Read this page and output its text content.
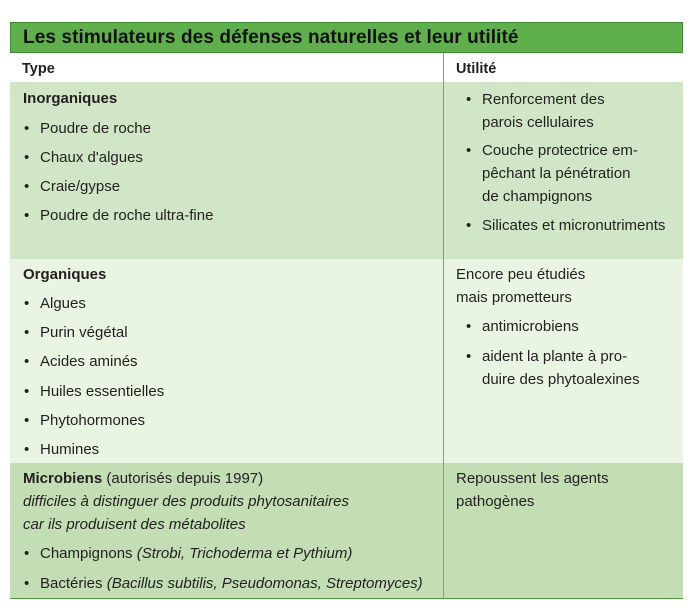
Les stimulateurs des défenses naturelles et leur utilité
Type	Utilité
Inorganiques
• Poudre de roche
• Chaux d'algues
• Craie/gypse
• Poudre de roche ultra-fine
• Renforcement des
parois cellulaires
• Couche protectrice em-
pêchant la pénétration
de champignons
• Silicates et micronutriments
Organiques
• Algues
• Purin végétal
• Acides aminés
• Huiles essentielles
• Phytohormones
• Humines
Encore peu étudiés
mais prometteurs
• antimicrobiens
• aident la plante à pro-
duire des phytoalexines
Microbiens (autorisés depuis 1997)
difficiles à distinguer des produits phytosanitaires
car ils produisent des métabolites
• Champignons (Strobi, Trichoderma et Pythium)
• Bactéries (Bacillus subtilis, Pseudomonas, Streptomyces)
Repoussent les agents
pathogènes
